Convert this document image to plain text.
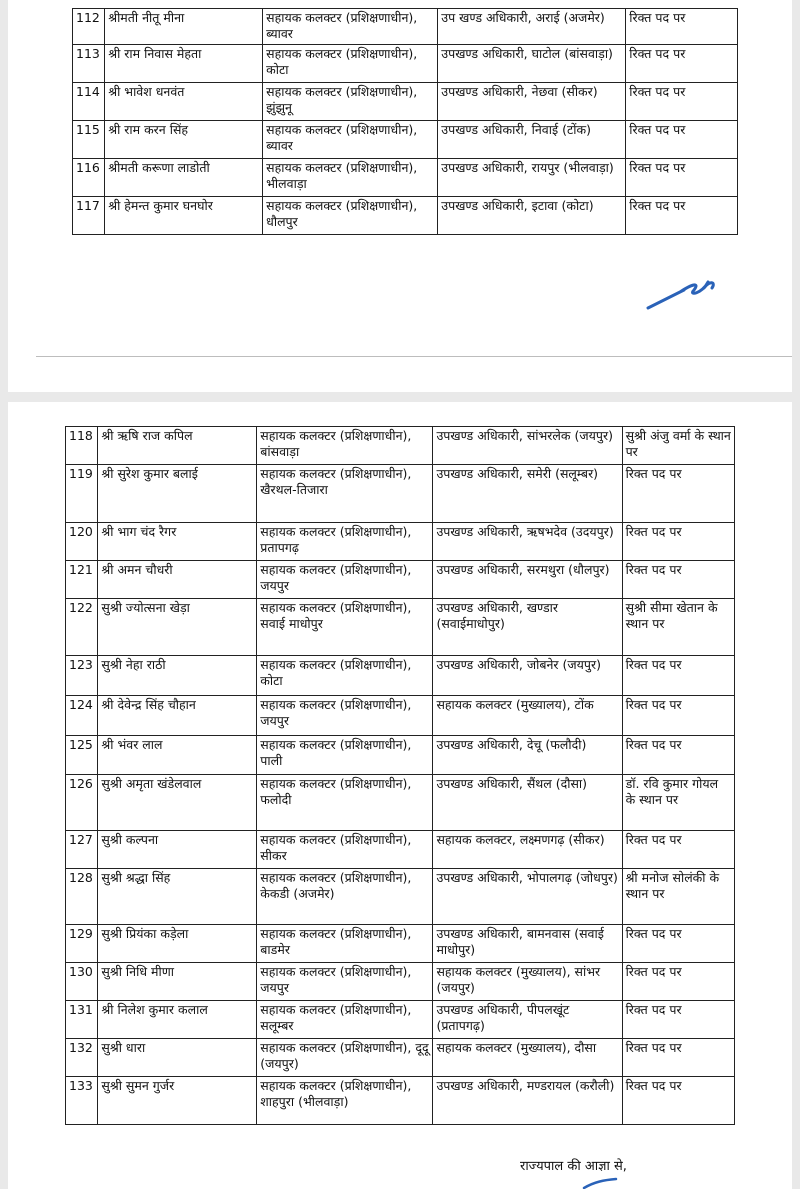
112	श्रीमती नीतू मीना	सहायक कलक्टर (प्रशिक्षणाधीन), ब्यावर	उप खण्ड अधिकारी, अराई (अजमेर)	रिक्त पद पर
113	श्री राम निवास मेहता	सहायक कलक्टर (प्रशिक्षणाधीन), कोटा	उपखण्ड अधिकारी, घाटोल (बांसवाड़ा)	रिक्त पद पर
114	श्री भावेश धनवंत	सहायक कलक्टर (प्रशिक्षणाधीन), झुंझुनू	उपखण्ड अधिकारी, नेछवा (सीकर)	रिक्त पद पर
115	श्री राम करन सिंह	सहायक कलक्टर (प्रशिक्षणाधीन), ब्यावर	उपखण्ड अधिकारी, निवाई (टोंक)	रिक्त पद पर
116	श्रीमती करूणा लाडोती	सहायक कलक्टर (प्रशिक्षणाधीन), भीलवाड़ा	उपखण्ड अधिकारी, रायपुर (भीलवाड़ा)	रिक्त पद पर
117	श्री हेमन्त कुमार घनघोर	सहायक कलक्टर (प्रशिक्षणाधीन), धौलपुर	उपखण्ड अधिकारी, इटावा (कोटा)	रिक्त पद पर
118	श्री ऋषि राज कपिल	सहायक कलक्टर (प्रशिक्षणाधीन), बांसवाड़ा	उपखण्ड अधिकारी, सांभरलेक (जयपुर)	सुश्री अंजु वर्मा के स्थान पर
119	श्री सुरेश कुमार बलाई	सहायक कलक्टर (प्रशिक्षणाधीन), खैरथल-तिजारा	उपखण्ड अधिकारी, समेरी (सलूम्बर)	रिक्त पद पर
120	श्री भाग चंद रैगर	सहायक कलक्टर (प्रशिक्षणाधीन), प्रतापगढ़	उपखण्ड अधिकारी, ऋषभदेव (उदयपुर)	रिक्त पद पर
121	श्री अमन चौधरी	सहायक कलक्टर (प्रशिक्षणाधीन), जयपुर	उपखण्ड अधिकारी, सरमथुरा (धौलपुर)	रिक्त पद पर
122	सुश्री ज्योत्सना खेड़ा	सहायक कलक्टर (प्रशिक्षणाधीन), सवाई माधोपुर	उपखण्ड अधिकारी, खण्डार (सवाईमाधोपुर)	सुश्री सीमा खेतान के स्थान पर
123	सुश्री नेहा राठी	सहायक कलक्टर (प्रशिक्षणाधीन), कोटा	उपखण्ड अधिकारी, जोबनेर (जयपुर)	रिक्त पद पर
124	श्री देवेन्द्र सिंह चौहान	सहायक कलक्टर (प्रशिक्षणाधीन), जयपुर	सहायक कलक्टर (मुख्यालय), टोंक	रिक्त पद पर
125	श्री भंवर लाल	सहायक कलक्टर (प्रशिक्षणाधीन), पाली	उपखण्ड अधिकारी, देचू (फलौदी)	रिक्त पद पर
126	सुश्री अमृता खंडेलवाल	सहायक कलक्टर (प्रशिक्षणाधीन), फलोदी	उपखण्ड अधिकारी, सैंथल (दौसा)	डॉ. रवि कुमार गोयल के स्थान पर
127	सुश्री कल्पना	सहायक कलक्टर (प्रशिक्षणाधीन), सीकर	सहायक कलक्टर, लक्ष्मणगढ़ (सीकर)	रिक्त पद पर
128	सुश्री श्रद्धा सिंह	सहायक कलक्टर (प्रशिक्षणाधीन), केकडी (अजमेर)	उपखण्ड अधिकारी, भोपालगढ़ (जोधपुर)	श्री मनोज सोलंकी के स्थान पर
129	सुश्री प्रियंका कड़ेला	सहायक कलक्टर (प्रशिक्षणाधीन), बाडमेर	उपखण्ड अधिकारी, बामनवास (सवाई माधोपुर)	रिक्त पद पर
130	सुश्री निधि मीणा	सहायक कलक्टर (प्रशिक्षणाधीन), जयपुर	सहायक कलक्टर (मुख्यालय), सांभर (जयपुर)	रिक्त पद पर
131	श्री निलेश कुमार कलाल	सहायक कलक्टर (प्रशिक्षणाधीन), सलूम्बर	उपखण्ड अधिकारी, पीपलखूंट (प्रतापगढ़)	रिक्त पद पर
132	सुश्री धारा	सहायक कलक्टर (प्रशिक्षणाधीन), दूदू (जयपुर)	सहायक कलक्टर (मुख्यालय), दौसा	रिक्त पद पर
133	सुश्री सुमन गुर्जर	सहायक कलक्टर (प्रशिक्षणाधीन), शाहपुरा (भीलवाड़ा)	उपखण्ड अधिकारी, मण्डरायल (करौली)	रिक्त पद पर
राज्यपाल की आज्ञा से,
